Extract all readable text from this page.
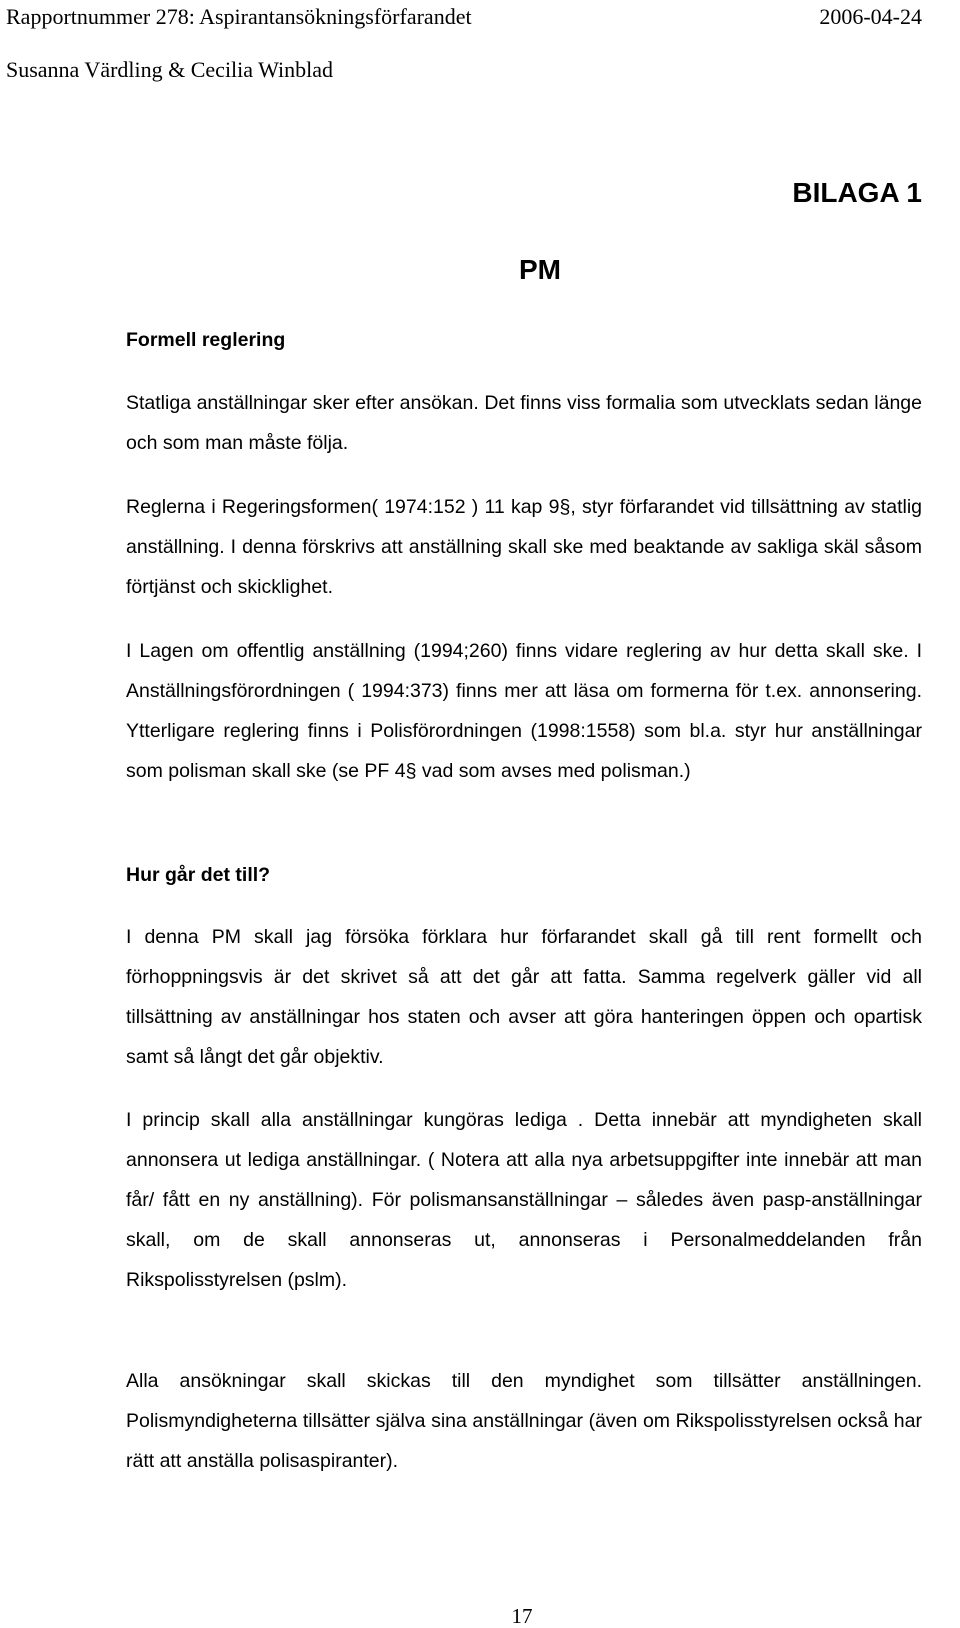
Rapportnummer 278: Aspirantansökningsförfarandet	2006-04-24
Susanna Värdling & Cecilia Winblad
BILAGA 1
PM
Formell reglering
Statliga anställningar sker efter ansökan. Det finns viss formalia som utvecklats sedan länge och som man måste följa.
Reglerna i Regeringsformen( 1974:152 ) 11 kap 9§, styr förfarandet vid tillsättning av statlig anställning. I denna förskrivs att anställning skall ske med beaktande av sakliga skäl såsom förtjänst och skicklighet.
I Lagen om offentlig anställning (1994;260) finns vidare reglering av hur detta skall ske. I Anställningsförordningen ( 1994:373) finns mer att läsa om formerna för t.ex. annonsering. Ytterligare reglering finns i Polisförordningen (1998:1558) som bl.a. styr hur anställningar som polisman skall ske (se PF 4§ vad som avses med polisman.)
Hur går det till?
I denna PM skall jag försöka förklara hur förfarandet skall gå till rent formellt och förhoppningsvis är det skrivet så att det går att fatta. Samma regelverk gäller vid all tillsättning av anställningar hos staten och avser att göra hanteringen öppen och opartisk samt så långt det går objektiv.
I princip skall alla anställningar kungöras lediga . Detta innebär att myndigheten skall annonsera ut lediga anställningar. ( Notera att alla nya arbetsuppgifter inte innebär att man får/ fått en ny anställning). För polismansanställningar – således även pasp-anställningar skall, om de skall annonseras ut, annonseras i Personalmeddelanden från Rikspolisstyrelsen (pslm).
Alla ansökningar skall skickas till den myndighet som tillsätter anställningen. Polismyndigheterna tillsätter själva sina anställningar (även om Rikspolisstyrelsen också har rätt att anställa polisaspiranter).
17
